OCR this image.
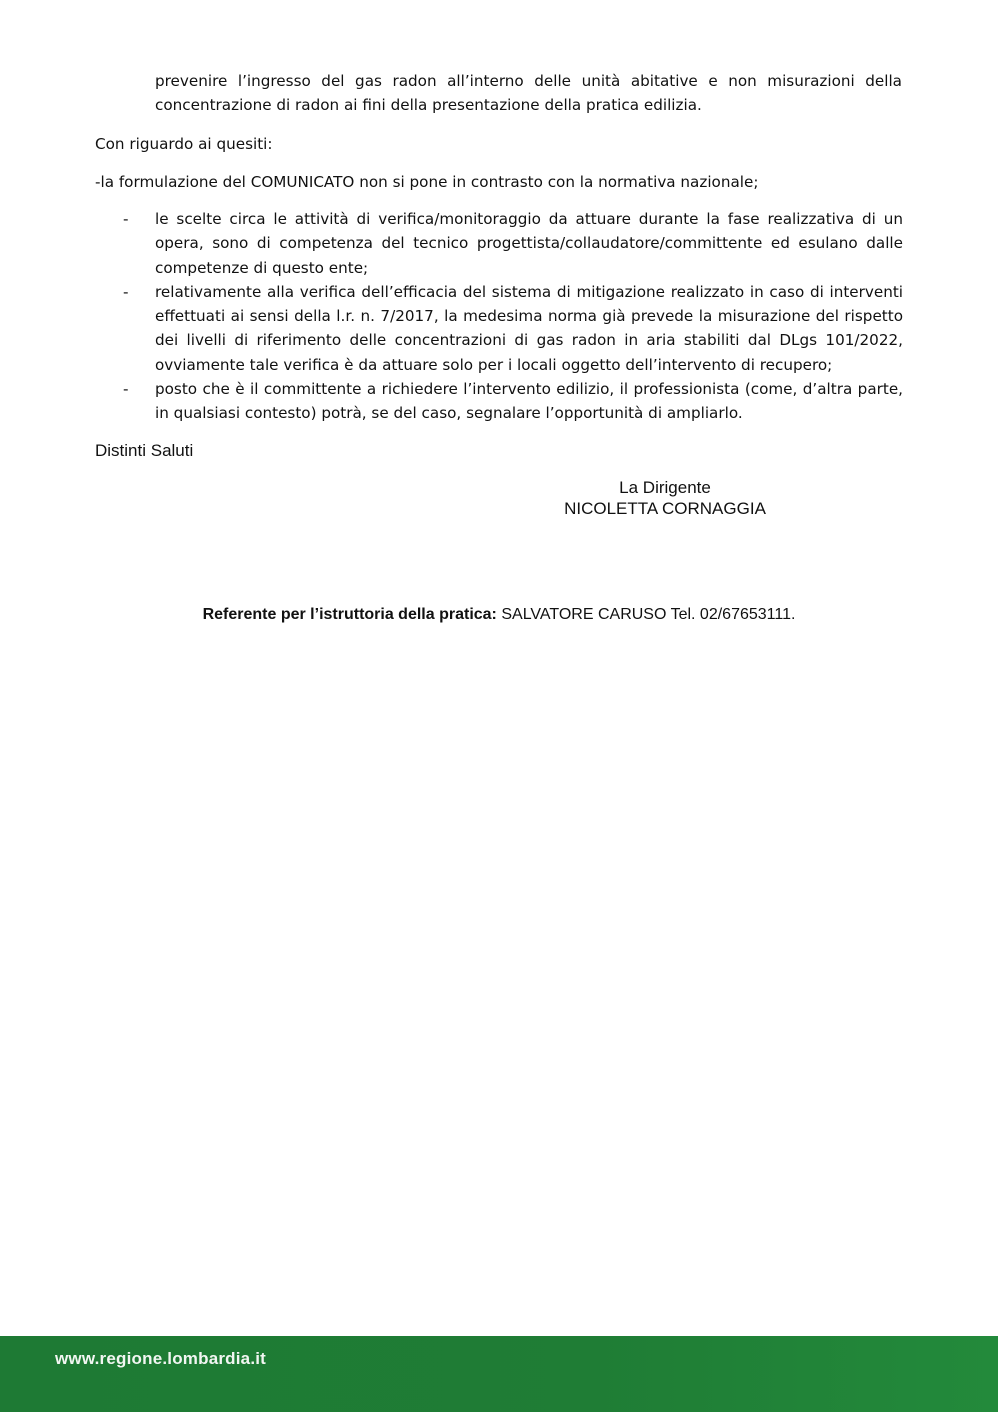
prevenire l’ingresso del gas radon all’interno delle unità abitative e non misurazioni della concentrazione di radon ai fini della presentazione della pratica edilizia.

Con riguardo ai quesiti:

-la formulazione del COMUNICATO non si pone in contrasto con la normativa nazionale;

- le scelte circa le attività di verifica/monitoraggio da attuare durante la fase realizzativa di un opera, sono di competenza del tecnico progettista/collaudatore/committente ed esulano dalle competenze di questo ente;
- relativamente alla verifica dell’efficacia del sistema di mitigazione realizzato in caso di interventi effettuati ai sensi della l.r. n. 7/2017, la medesima norma già prevede la misurazione del rispetto dei livelli di riferimento delle concentrazioni di gas radon in aria stabiliti dal DLgs 101/2022, ovviamente tale verifica è da attuare solo per i locali oggetto dell’intervento di recupero;
- posto che è il committente a richiedere l’intervento edilizio, il professionista (come, d’altra parte, in qualsiasi contesto) potrà, se del caso, segnalare l’opportunità di ampliarlo.
Distinti Saluti
La Dirigente
NICOLETTA CORNAGGIA
Referente per l’istruttoria della pratica: SALVATORE CARUSO Tel. 02/67653111.
www.regione.lombardia.it
